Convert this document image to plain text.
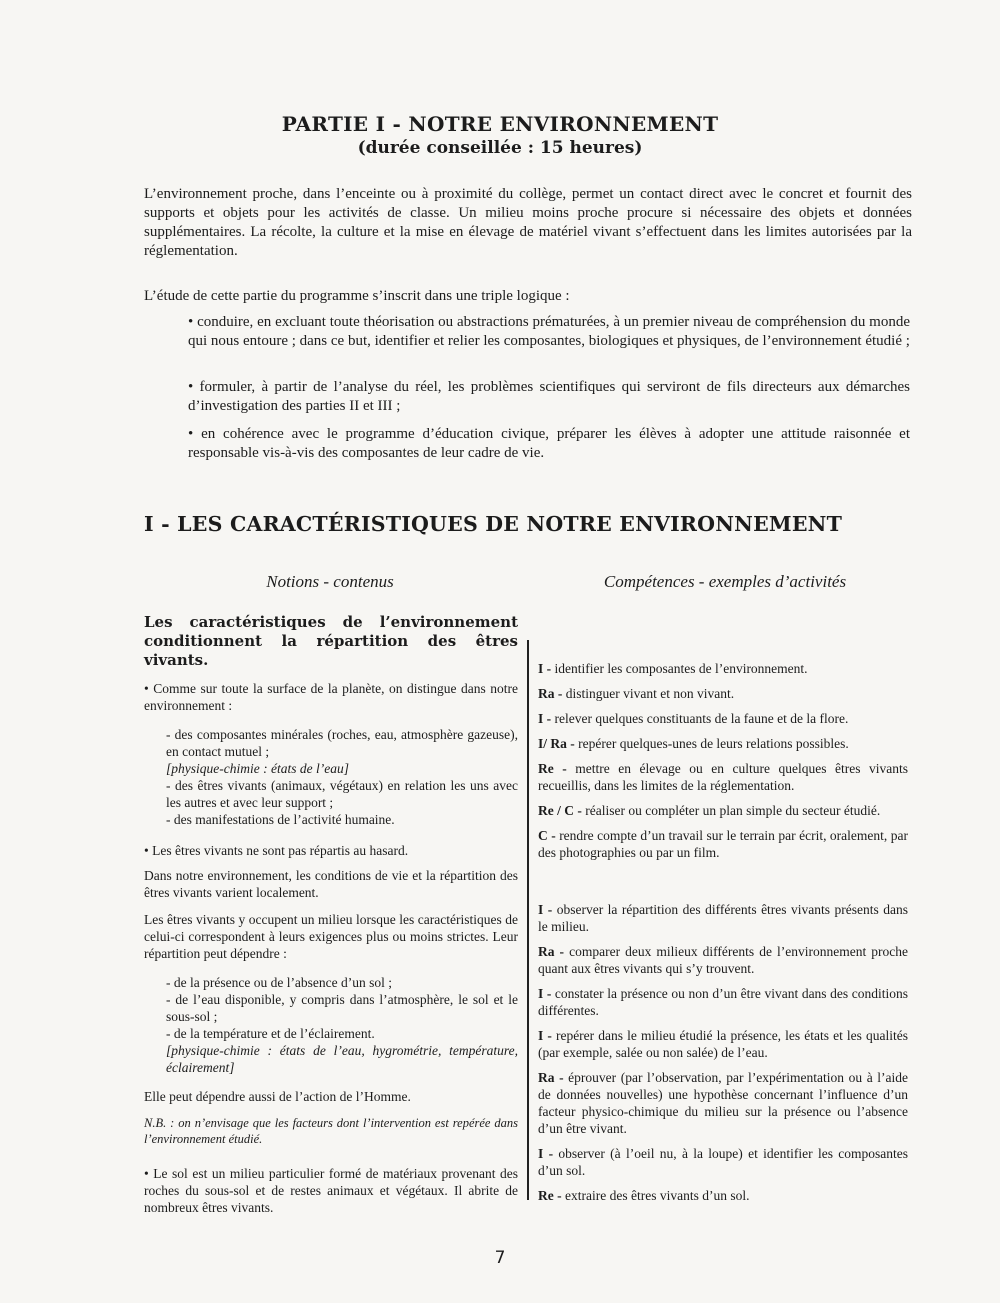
PARTIE I - NOTRE ENVIRONNEMENT
(durée conseillée : 15 heures)

L’environnement proche, dans l’enceinte ou à proximité du collège, permet un contact direct avec le concret et fournit des supports et objets pour les activités de classe. Un milieu moins proche procure si nécessaire des objets et données supplémentaires. La récolte, la culture et la mise en élevage de matériel vivant s’effectuent dans les limites autorisées par la réglementation.

L’étude de cette partie du programme s’inscrit dans une triple logique :

• conduire, en excluant toute théorisation ou abstractions prématurées, à un premier niveau de compréhension du monde qui nous entoure ; dans ce but, identifier et relier les composantes, biologiques et physiques, de l’environnement étudié ;

• formuler, à partir de l’analyse du réel, les problèmes scientifiques qui serviront de fils directeurs aux démarches d’investigation des parties II et III ;

• en cohérence avec le programme d’éducation civique, préparer les élèves à adopter une attitude raisonnée et responsable vis-à-vis des composantes de leur cadre de vie.

I - LES CARACTÉRISTIQUES DE NOTRE ENVIRONNEMENT
Notions - contenus	Compétences - exemples d’activités

Les caractéristiques de l’environnement conditionnent la répartition des êtres vivants.

• Comme sur toute la surface de la planète, on distingue dans notre environnement :

- des composantes minérales (roches, eau, atmosphère gazeuse), en contact mutuel ;

[physique-chimie : états de l’eau]

- des êtres vivants (animaux, végétaux) en relation les uns avec les autres et avec leur support ;

- des manifestations de l’activité humaine.

• Les êtres vivants ne sont pas répartis au hasard.

Dans notre environnement, les conditions de vie et la répartition des êtres vivants varient localement.

Les êtres vivants y occupent un milieu lorsque les caractéristiques de celui-ci correspondent à leurs exigences plus ou moins strictes. Leur répartition peut dépendre :

- de la présence ou de l’absence d’un sol ;

- de l’eau disponible, y compris dans l’atmosphère, le sol et le sous-sol ;

- de la température et de l’éclairement.

[physique-chimie : états de l’eau, hygrométrie, température, éclairement]

Elle peut dépendre aussi de l’action de l’Homme.

N.B. : on n’envisage que les facteurs dont l’intervention est repérée dans l’environnement étudié.

• Le sol est un milieu particulier formé de matériaux provenant des roches du sous-sol et de restes animaux et végétaux. Il abrite de nombreux êtres vivants.

I - identifier les composantes de l’environnement.

Ra - distinguer vivant et non vivant.

I - relever quelques constituants de la faune et de la flore.

I/ Ra - repérer quelques-unes de leurs relations possibles.

Re - mettre en élevage ou en culture quelques êtres vivants recueillis, dans les limites de la réglementation.

Re / C - réaliser ou compléter un plan simple du secteur étudié.

C - rendre compte d’un travail sur le terrain par écrit, oralement, par des photographies ou par un film.

I - observer la répartition des différents êtres vivants présents dans le milieu.

Ra - comparer deux milieux différents de l’environnement proche quant aux êtres vivants qui s’y trouvent.

I - constater la présence ou non d’un être vivant dans des conditions différentes.

I - repérer dans le milieu étudié la présence, les états et les qualités (par exemple, salée ou non salée) de l’eau.

Ra - éprouver (par l’observation, par l’expérimentation ou à l’aide de données nouvelles) une hypothèse concernant l’influence d’un facteur physico-chimique du milieu sur la présence ou l’absence d’un être vivant.

I - observer (à l’oeil nu, à la loupe) et identifier les composantes d’un sol.

Re - extraire des êtres vivants d’un sol.

7
